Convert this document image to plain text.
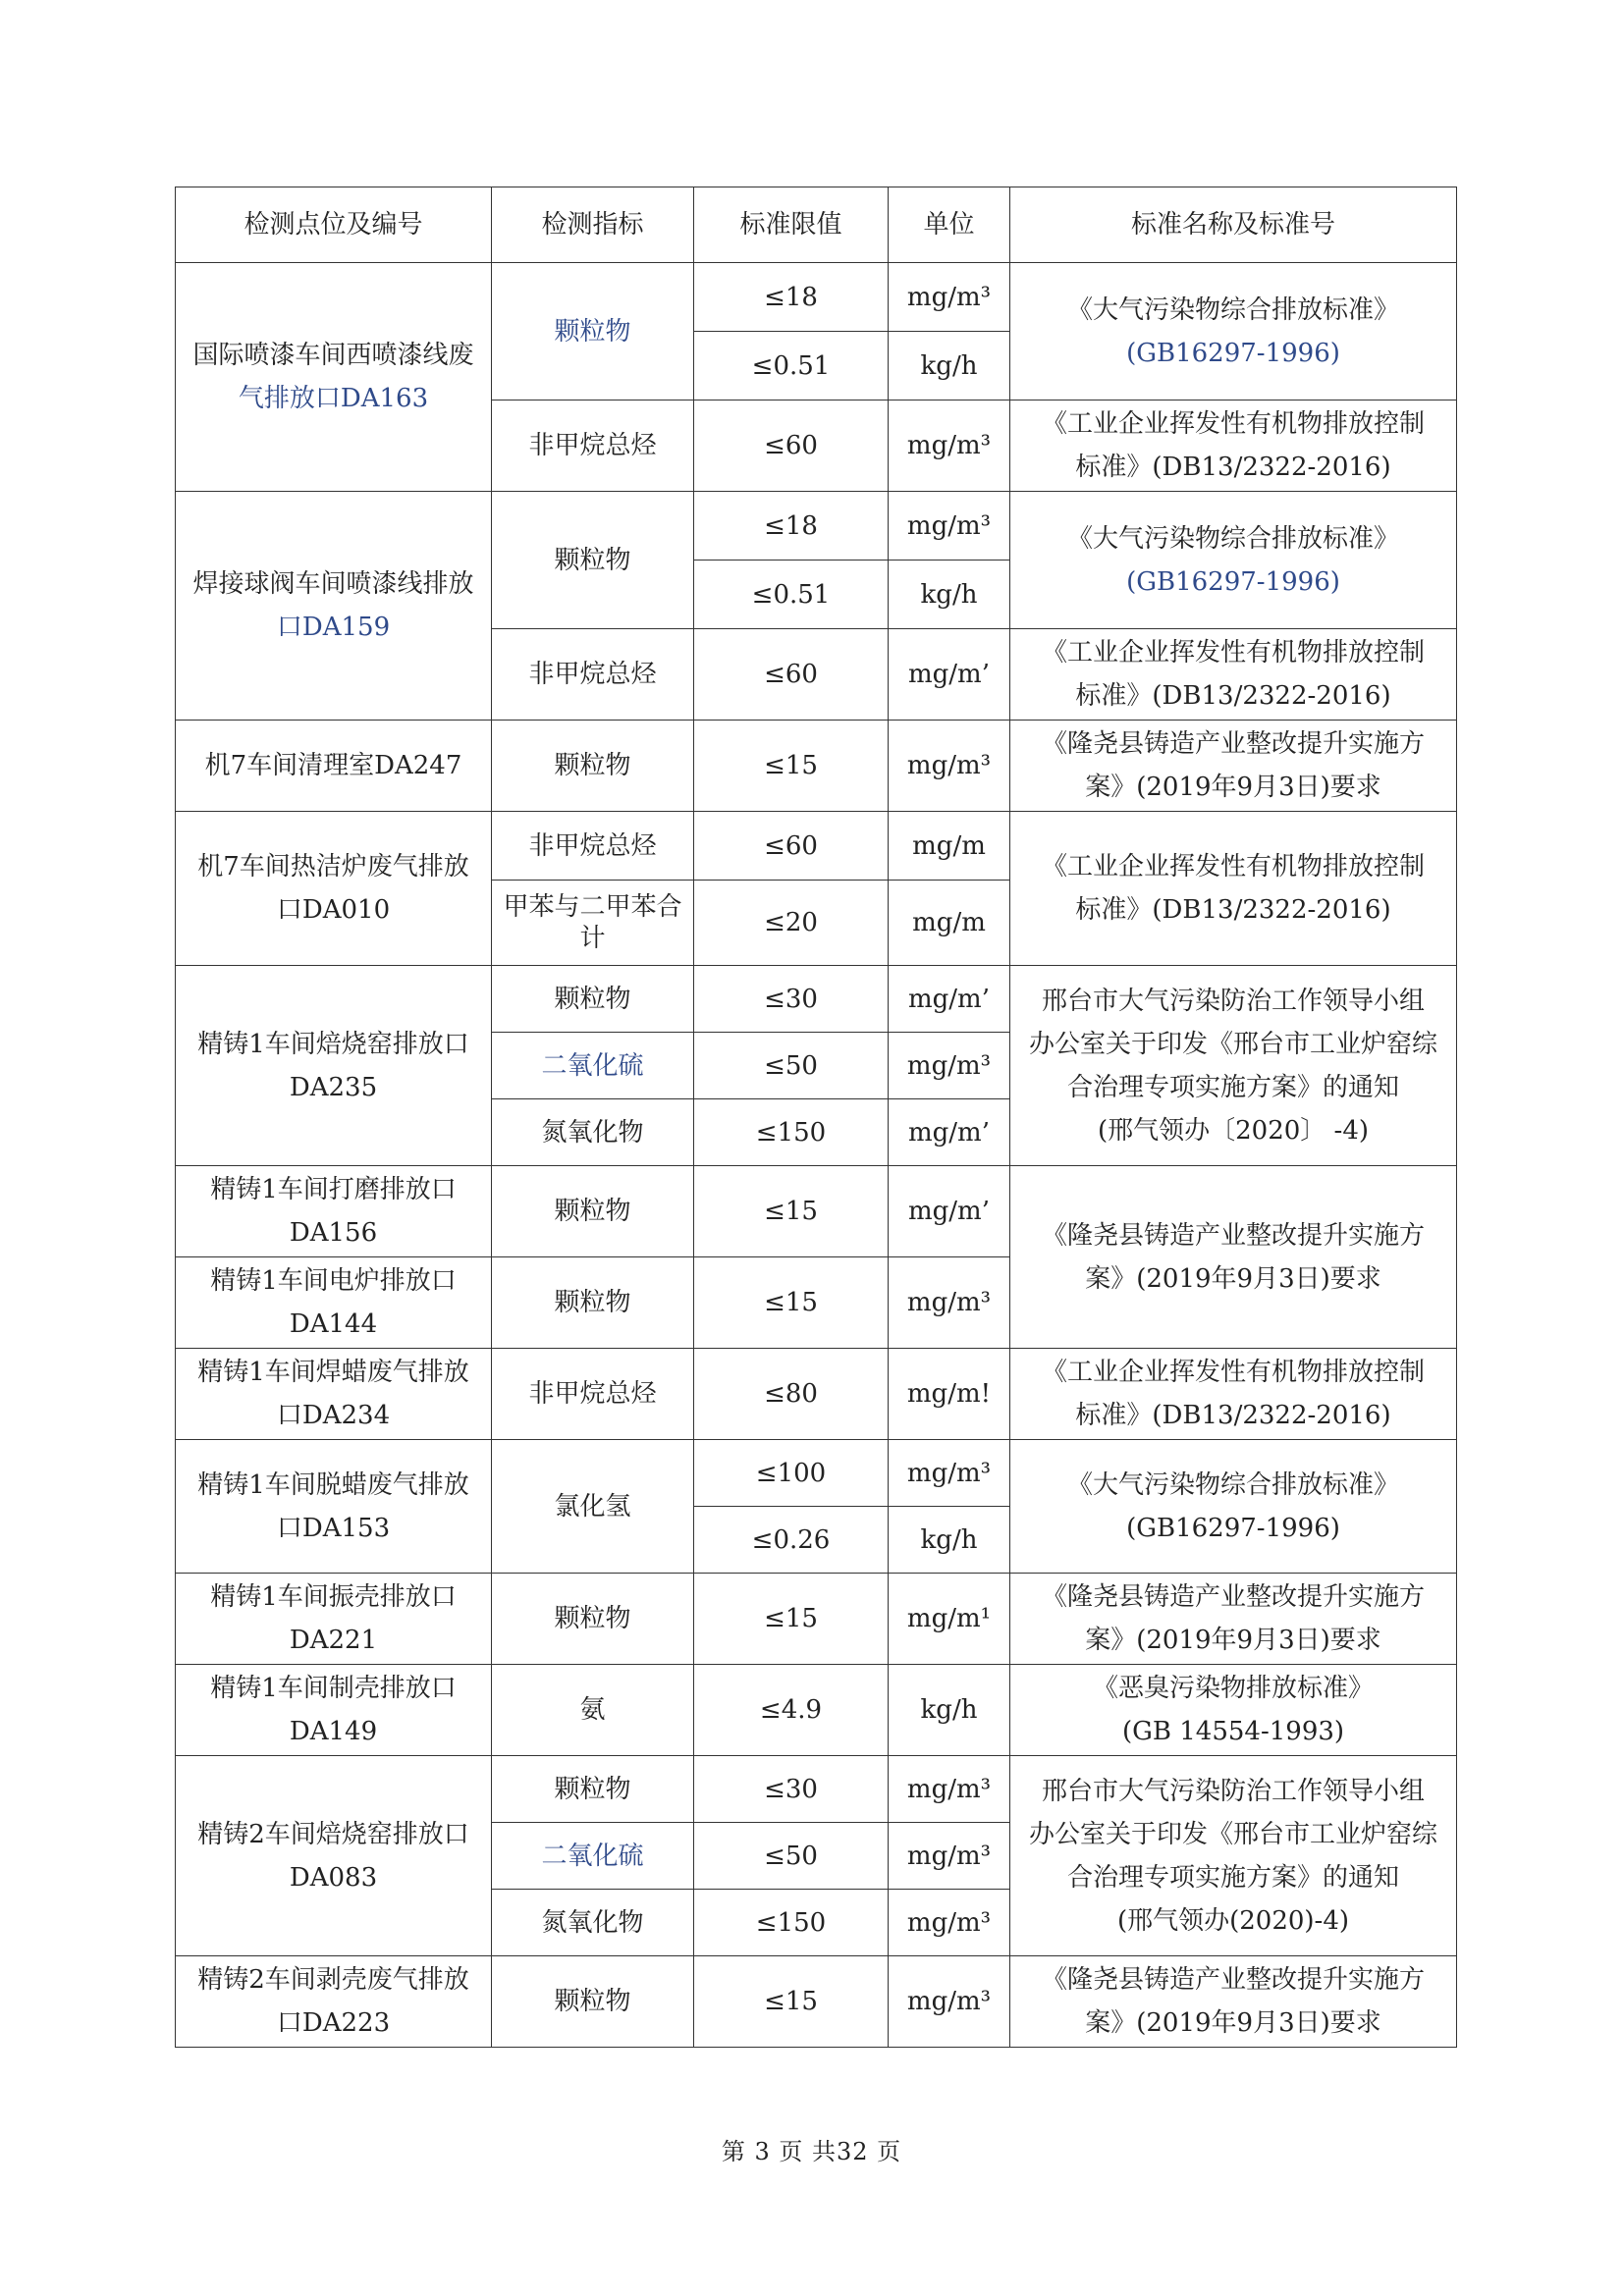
检测点位及编号	检测指标	标准限值	单位	标准名称及标准号
国际喷漆车间西喷漆线废
气排放口DA163	颗粒物	≤18	mg/m³	《大气污染物综合排放标准》
(GB16297-1996)
		≤0.51	kg/h	
	非甲烷总烃	≤60	mg/m³	《工业企业挥发性有机物排放控制
标准》(DB13/2322-2016)
焊接球阀车间喷漆线排放
口DA159	颗粒物	≤18	mg/m³	《大气污染物综合排放标准》
(GB16297-1996)
		≤0.51	kg/h	
	非甲烷总烃	≤60	mg/m’	《工业企业挥发性有机物排放控制
标准》(DB13/2322-2016)
机7车间清理室DA247	颗粒物	≤15	mg/m³	《隆尧县铸造产业整改提升实施方
案》(2019年9月3日)要求
机7车间热洁炉废气排放
口DA010	非甲烷总烃	≤60	mg/m	《工业企业挥发性有机物排放控制
标准》(DB13/2322-2016)
	甲苯与二甲苯合计	≤20	mg/m	
精铸1车间焙烧窑排放口
DA235	颗粒物	≤30	mg/m’	邢台市大气污染防治工作领导小组
办公室关于印发《邢台市工业炉窑综
合治理专项实施方案》的通知
(邢气领办〔2020〕 -4)
	二氧化硫	≤50	mg/m³	
	氮氧化物	≤150	mg/m’	
精铸1车间打磨排放口
DA156	颗粒物	≤15	mg/m’	《隆尧县铸造产业整改提升实施方
案》(2019年9月3日)要求
精铸1车间电炉排放口
DA144	颗粒物	≤15	mg/m³	
精铸1车间焊蜡废气排放
口DA234	非甲烷总烃	≤80	mg/m!	《工业企业挥发性有机物排放控制
标准》(DB13/2322-2016)
精铸1车间脱蜡废气排放
口DA153	氯化氢	≤100	mg/m³	《大气污染物综合排放标准》
(GB16297-1996)
		≤0.26	kg/h	
精铸1车间振壳排放口
DA221	颗粒物	≤15	mg/m¹	《隆尧县铸造产业整改提升实施方
案》(2019年9月3日)要求
精铸1车间制壳排放口
DA149	氨	≤4.9	kg/h	《恶臭污染物排放标准》
(GB 14554-1993)
精铸2车间焙烧窑排放口
DA083	颗粒物	≤30	mg/m³	邢台市大气污染防治工作领导小组
办公室关于印发《邢台市工业炉窑综
合治理专项实施方案》的通知
(邢气领办(2020)-4)
	二氧化硫	≤50	mg/m³	
	氮氧化物	≤150	mg/m³	
精铸2车间剥壳废气排放
口DA223	颗粒物	≤15	mg/m³	《隆尧县铸造产业整改提升实施方
案》(2019年9月3日)要求
第 3 页 共32 页
